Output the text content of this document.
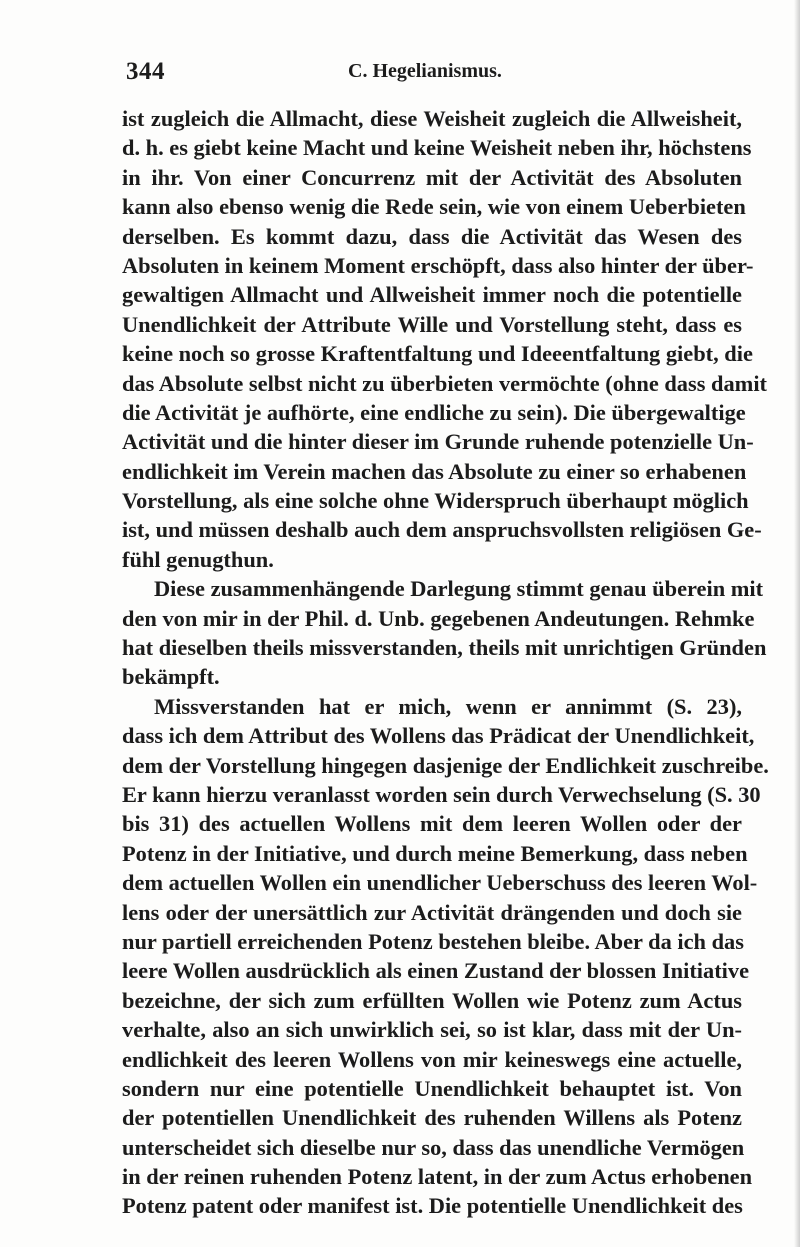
344	C. Hegelianismus.
ist zugleich die Allmacht, diese Weisheit zugleich die Allweisheit,
d. h. es giebt keine Macht und keine Weisheit neben ihr, höchstens
in ihr. Von einer Concurrenz mit der Activität des Absoluten
kann also ebenso wenig die Rede sein, wie von einem Ueberbieten
derselben. Es kommt dazu, dass die Activität das Wesen des
Absoluten in keinem Moment erschöpft, dass also hinter der über-
gewaltigen Allmacht und Allweisheit immer noch die potentielle
Unendlichkeit der Attribute Wille und Vorstellung steht, dass es
keine noch so grosse Kraftentfaltung und Ideeentfaltung giebt, die
das Absolute selbst nicht zu überbieten vermöchte (ohne dass damit
die Activität je aufhörte, eine endliche zu sein). Die übergewaltige
Activität und die hinter dieser im Grunde ruhende potenzielle Un-
endlichkeit im Verein machen das Absolute zu einer so erhabenen
Vorstellung, als eine solche ohne Widerspruch überhaupt möglich
ist, und müssen deshalb auch dem anspruchsvollsten religiösen Ge-
fühl genugthun.
Diese zusammenhängende Darlegung stimmt genau überein mit
den von mir in der Phil. d. Unb. gegebenen Andeutungen. Rehmke
hat dieselben theils missverstanden, theils mit unrichtigen Gründen
bekämpft.
Missverstanden hat er mich, wenn er annimmt (S. 23),
dass ich dem Attribut des Wollens das Prädicat der Unendlichkeit,
dem der Vorstellung hingegen dasjenige der Endlichkeit zuschreibe.
Er kann hierzu veranlasst worden sein durch Verwechselung (S. 30
bis 31) des actuellen Wollens mit dem leeren Wollen oder der
Potenz in der Initiative, und durch meine Bemerkung, dass neben
dem actuellen Wollen ein unendlicher Ueberschuss des leeren Wol-
lens oder der unersättlich zur Activität drängenden und doch sie
nur partiell erreichenden Potenz bestehen bleibe. Aber da ich das
leere Wollen ausdrücklich als einen Zustand der blossen Initiative
bezeichne, der sich zum erfüllten Wollen wie Potenz zum Actus
verhalte, also an sich unwirklich sei, so ist klar, dass mit der Un-
endlichkeit des leeren Wollens von mir keineswegs eine actuelle,
sondern nur eine potentielle Unendlichkeit behauptet ist. Von
der potentiellen Unendlichkeit des ruhenden Willens als Potenz
unterscheidet sich dieselbe nur so, dass das unendliche Vermögen
in der reinen ruhenden Potenz latent, in der zum Actus erhobenen
Potenz patent oder manifest ist. Die potentielle Unendlichkeit des
